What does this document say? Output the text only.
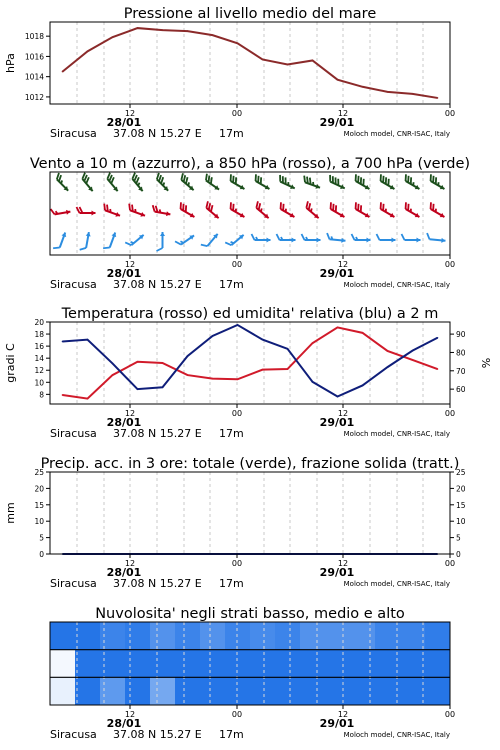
Pressione al livello medio del mare
1012
1014
1016
1018
hPa
12	00	12	00
28/01	29/01
Siracusa 37.08 N 15.27 E 17m	Moloch model, CNR-ISAC, Italy
Vento a 10 m (azzurro), a 850 hPa (rosso), a 700 hPa (verde)
12	00	12	00
28/01	29/01
Siracusa 37.08 N 15.27 E 17m	Moloch model, CNR-ISAC, Italy
Temperatura (rosso) ed umidita' relativa (blu) a 2 m
8
10
12
14
16
18
20
60
70
80
90
gradi C	%
12	00	12	00
28/01	29/01
Siracusa 37.08 N 15.27 E 17m	Moloch model, CNR-ISAC, Italy
Precip. acc. in 3 ore: totale (verde), frazione solida (tratt.)
0
5
10
15
20
25
0
5
10
15
20
25
mm
12	00	12	00
28/01	29/01
Siracusa 37.08 N 15.27 E 17m	Moloch model, CNR-ISAC, Italy
Nuvolosita' negli strati basso, medio e alto
12	00	12	00
28/01	29/01
Siracusa 37.08 N 15.27 E 17m	Moloch model, CNR-ISAC, Italy
